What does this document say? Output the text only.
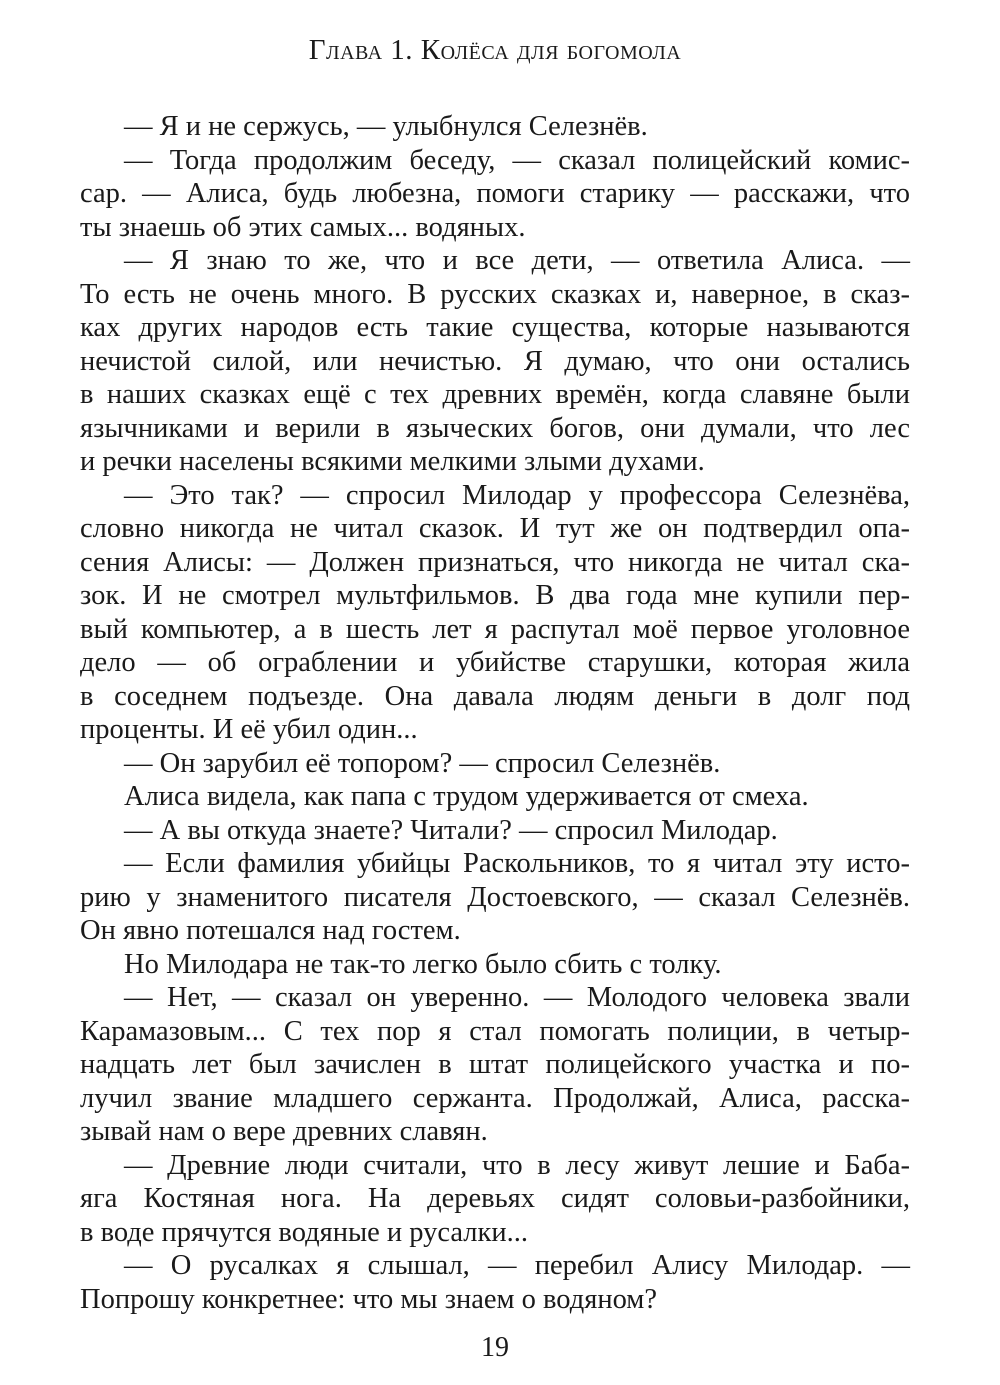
Глава 1. Колёса для богомола
— Я и не сержусь, — улыбнулся Селезнёв.
— Тогда продолжим беседу, — сказал полицейский комис-
сар. — Алиса, будь любезна, помоги старику — расскажи, что
ты знаешь об этих самых... водяных.
— Я знаю то же, что и все дети, — ответила Алиса. —
То есть не очень много. В русских сказках и, наверное, в сказ-
ках других народов есть такие существа, которые называются
нечистой силой, или нечистью. Я думаю, что они остались
в наших сказках ещё с тех древних времён, когда славяне были
язычниками и верили в языческих богов, они думали, что лес
и речки населены всякими мелкими злыми духами.
— Это так? — спросил Милодар у профессора Селезнёва,
словно никогда не читал сказок. И тут же он подтвердил опа-
сения Алисы: — Должен признаться, что никогда не читал ска-
зок. И не смотрел мультфильмов. В два года мне купили пер-
вый компьютер, а в шесть лет я распутал моё первое уголовное
дело — об ограблении и убийстве старушки, которая жила
в соседнем подъезде. Она давала людям деньги в долг под
проценты. И её убил один...
— Он зарубил её топором? — спросил Селезнёв.
Алиса видела, как папа с трудом удерживается от смеха.
— А вы откуда знаете? Читали? — спросил Милодар.
— Если фамилия убийцы Раскольников, то я читал эту исто-
рию у знаменитого писателя Достоевского, — сказал Селезнёв.
Он явно потешался над гостем.
Но Милодара не так-то легко было сбить с толку.
— Нет, — сказал он уверенно. — Молодого человека звали
Карамазовым... С тех пор я стал помогать полиции, в четыр-
надцать лет был зачислен в штат полицейского участка и по-
лучил звание младшего сержанта. Продолжай, Алиса, расска-
зывай нам о вере древних славян.
— Древние люди считали, что в лесу живут лешие и Баба-
яга Костяная нога. На деревьях сидят соловьи-разбойники,
в воде прячутся водяные и русалки...
— О русалках я слышал, — перебил Алису Милодар. —
Попрошу конкретнее: что мы знаем о водяном?
19
